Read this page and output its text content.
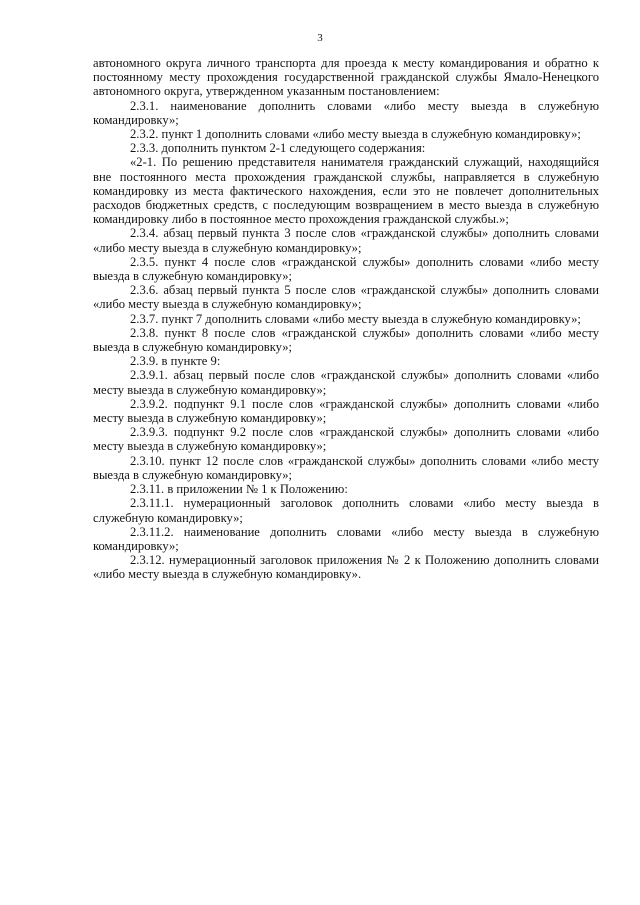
3

автономного округа личного транспорта для проезда к месту командирования и обратно к постоянному месту прохождения государственной гражданской службы Ямало-Ненецкого автономного округа, утвержденном указанным постановлением:

2.3.1. наименование дополнить словами «либо месту выезда в служебную командировку»;

2.3.2. пункт 1 дополнить словами «либо месту выезда в служебную командировку»;

2.3.3. дополнить пунктом 2-1 следующего содержания:

«2-1. По решению представителя нанимателя гражданский служащий, находящийся вне постоянного места прохождения гражданской службы, направляется в служебную командировку из места фактического нахождения, если это не повлечет дополнительных расходов бюджетных средств, с последующим возвращением в место выезда в служебную командировку либо в постоянное место прохождения гражданской службы.»;

2.3.4. абзац первый пункта 3 после слов «гражданской службы» дополнить словами «либо месту выезда в служебную командировку»;

2.3.5. пункт 4 после слов «гражданской службы» дополнить словами «либо месту выезда в служебную командировку»;

2.3.6. абзац первый пункта 5 после слов «гражданской службы» дополнить словами «либо месту выезда в служебную командировку»;

2.3.7. пункт 7 дополнить словами «либо месту выезда в служебную командировку»;

2.3.8. пункт 8 после слов «гражданской службы» дополнить словами «либо месту выезда в служебную командировку»;

2.3.9. в пункте 9:

2.3.9.1. абзац первый после слов «гражданской службы» дополнить словами «либо месту выезда в служебную командировку»;

2.3.9.2. подпункт 9.1 после слов «гражданской службы» дополнить словами «либо месту выезда в служебную командировку»;

2.3.9.3. подпункт 9.2 после слов «гражданской службы» дополнить словами «либо месту выезда в служебную командировку»;

2.3.10. пункт 12 после слов «гражданской службы» дополнить словами «либо месту выезда в служебную командировку»;

2.3.11. в приложении № 1 к Положению:

2.3.11.1. нумерационный заголовок дополнить словами «либо месту выезда в служебную командировку»;

2.3.11.2. наименование дополнить словами «либо месту выезда в служебную командировку»;

2.3.12. нумерационный заголовок приложения № 2 к Положению дополнить словами «либо месту выезда в служебную командировку».
